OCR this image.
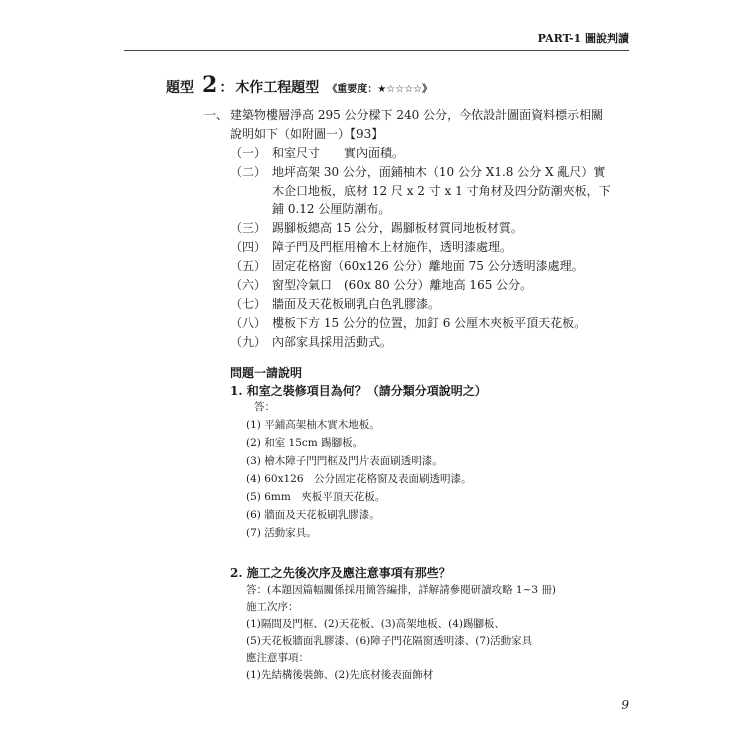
PART-1 圖說判讀
題型 2 ： 木作工程題型 《重要度：★☆☆☆☆》
一、 建築物樓層淨高 295 公分樑下 240 公分，今依設計圖面資料標示相關
說明如下（如附圖一）【93】
（一） 和室尺寸　　實內面積。
（二） 地坪高架 30 公分，面鋪柚木（10 公分 X1.8 公分 X 亂尺）實
木企口地板，底材 12 尺 x 2 寸 x 1 寸角材及四分防潮夾板，下
鋪 0.12 公厘防潮布。
（三） 踢腳板總高 15 公分，踢腳板材質同地板材質。
（四） 障子門及門框用檜木上材施作，透明漆處理。
（五） 固定花格窗（60x126 公分）離地面 75 公分透明漆處理。
（六） 窗型冷氣口　(60x 80 公分）離地高 165 公分。
（七） 牆面及天花板刷乳白色乳膠漆。
（八） 樓板下方 15 公分的位置，加釘 6 公厘木夾板平頂天花板。
（九） 內部家具採用活動式。
問題一請說明
1. 和室之裝修項目為何？（請分類分項說明之）
答：
(1) 平鋪高架柚木實木地板。
(2) 和室 15cm 踢腳板。
(3) 檜木障子門門框及門片表面刷透明漆。
(4) 60x126　公分固定花格窗及表面刷透明漆。
(5) 6mm　夾板平頂天花板。
(6) 牆面及天花板刷乳膠漆。
(7) 活動家具。
2. 施工之先後次序及應注意事項有那些？
答：(本題因篇幅關係採用簡答編排，詳解請參閱研讀攻略 1~3 冊)
施工次序：
(1)隔間及門框、(2)天花板、(3)高架地板、(4)踢腳板、
(5)天花板牆面乳膠漆、(6)障子門花隔窗透明漆、(7)活動家具
應注意事項：
(1)先結構後裝飾、(2)先底材後表面飾材
9
